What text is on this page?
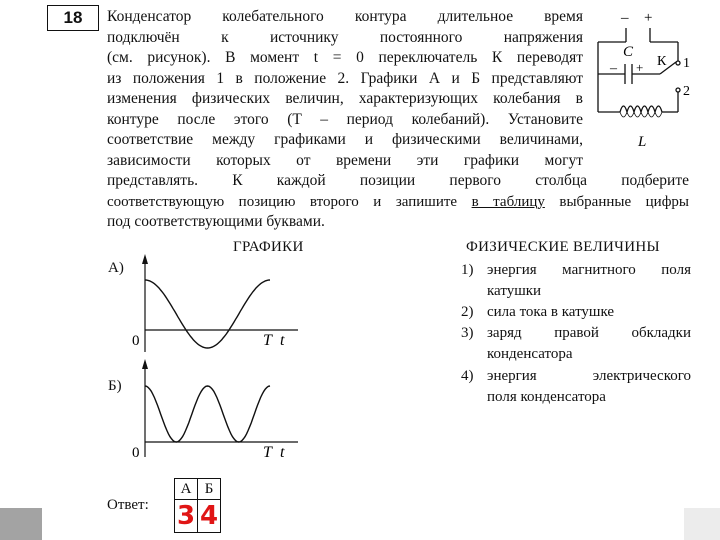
18	Конденсатор колебательного контура длительное время
подключён к источнику постоянного напряжения
(см. рисунок). В момент t = 0 переключатель К переводят
из положения 1 в положение 2. Графики А и Б представляют
изменения физических величин, характеризующих колебания в
контуре после этого (T – период колебаний). Установите
соответствие между графиками и физическими величинами,
зависимости которых от времени эти графики могут
представлять. К каждой позиции первого столбца подберите
соответствующую позицию второго и запишите в таблицу выбранные цифры
под соответствующими буквами.
– +
C
– + К 1
2
L
ГРАФИКИ
А)
0	T t
Б)
0	T t
ФИЗИЧЕСКИЕ ВЕЛИЧИНЫ
1) энергия магнитного поля
катушки
2) сила тока в катушке
3) заряд правой обкладки
конденсатора
4) энергия электрического
поля конденсатора
Ответ:
А	Б
3	4
